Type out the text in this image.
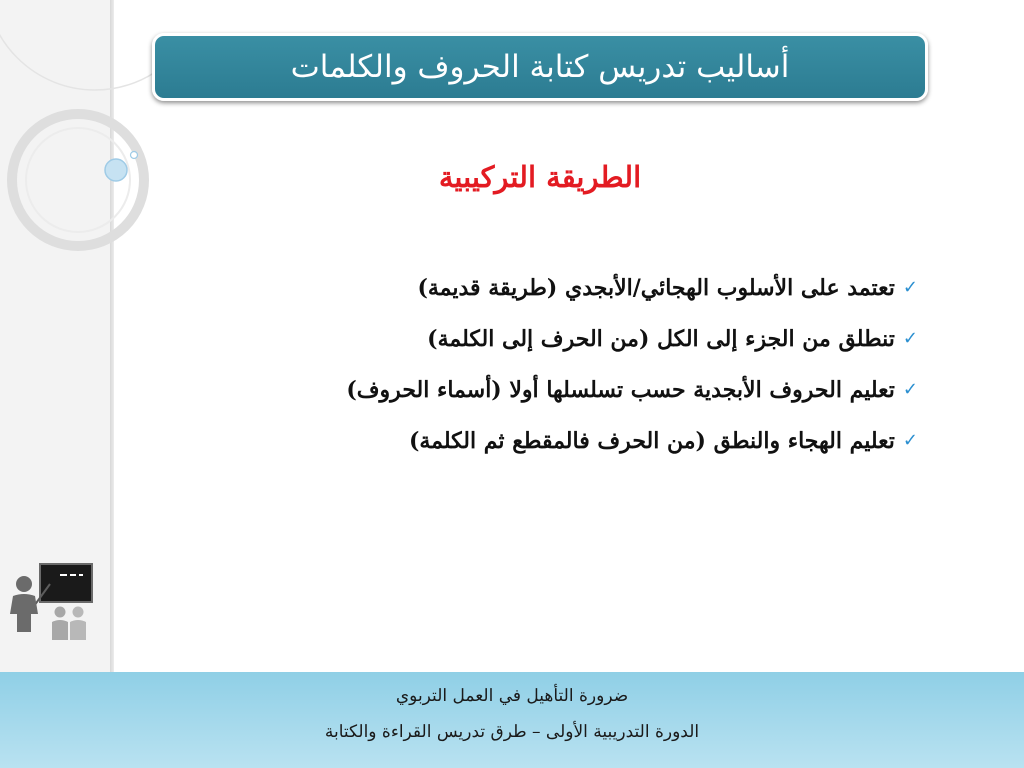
أساليب تدريس كتابة الحروف والكلمات
الطريقة التركيبية
✓
تعتمد على الأسلوب الهجائي/الأبجدي (طريقة قديمة)
✓
تنطلق من الجزء إلى الكل (من الحرف إلى الكلمة)
✓
تعليم الحروف الأبجدية حسب تسلسلها أولا (أسماء الحروف)
✓
تعليم الهجاء والنطق (من الحرف فالمقطع ثم الكلمة)
ضرورة التأهيل في العمل التربوي
الدورة التدريبية الأولى – طرق تدريس القراءة والكتابة
